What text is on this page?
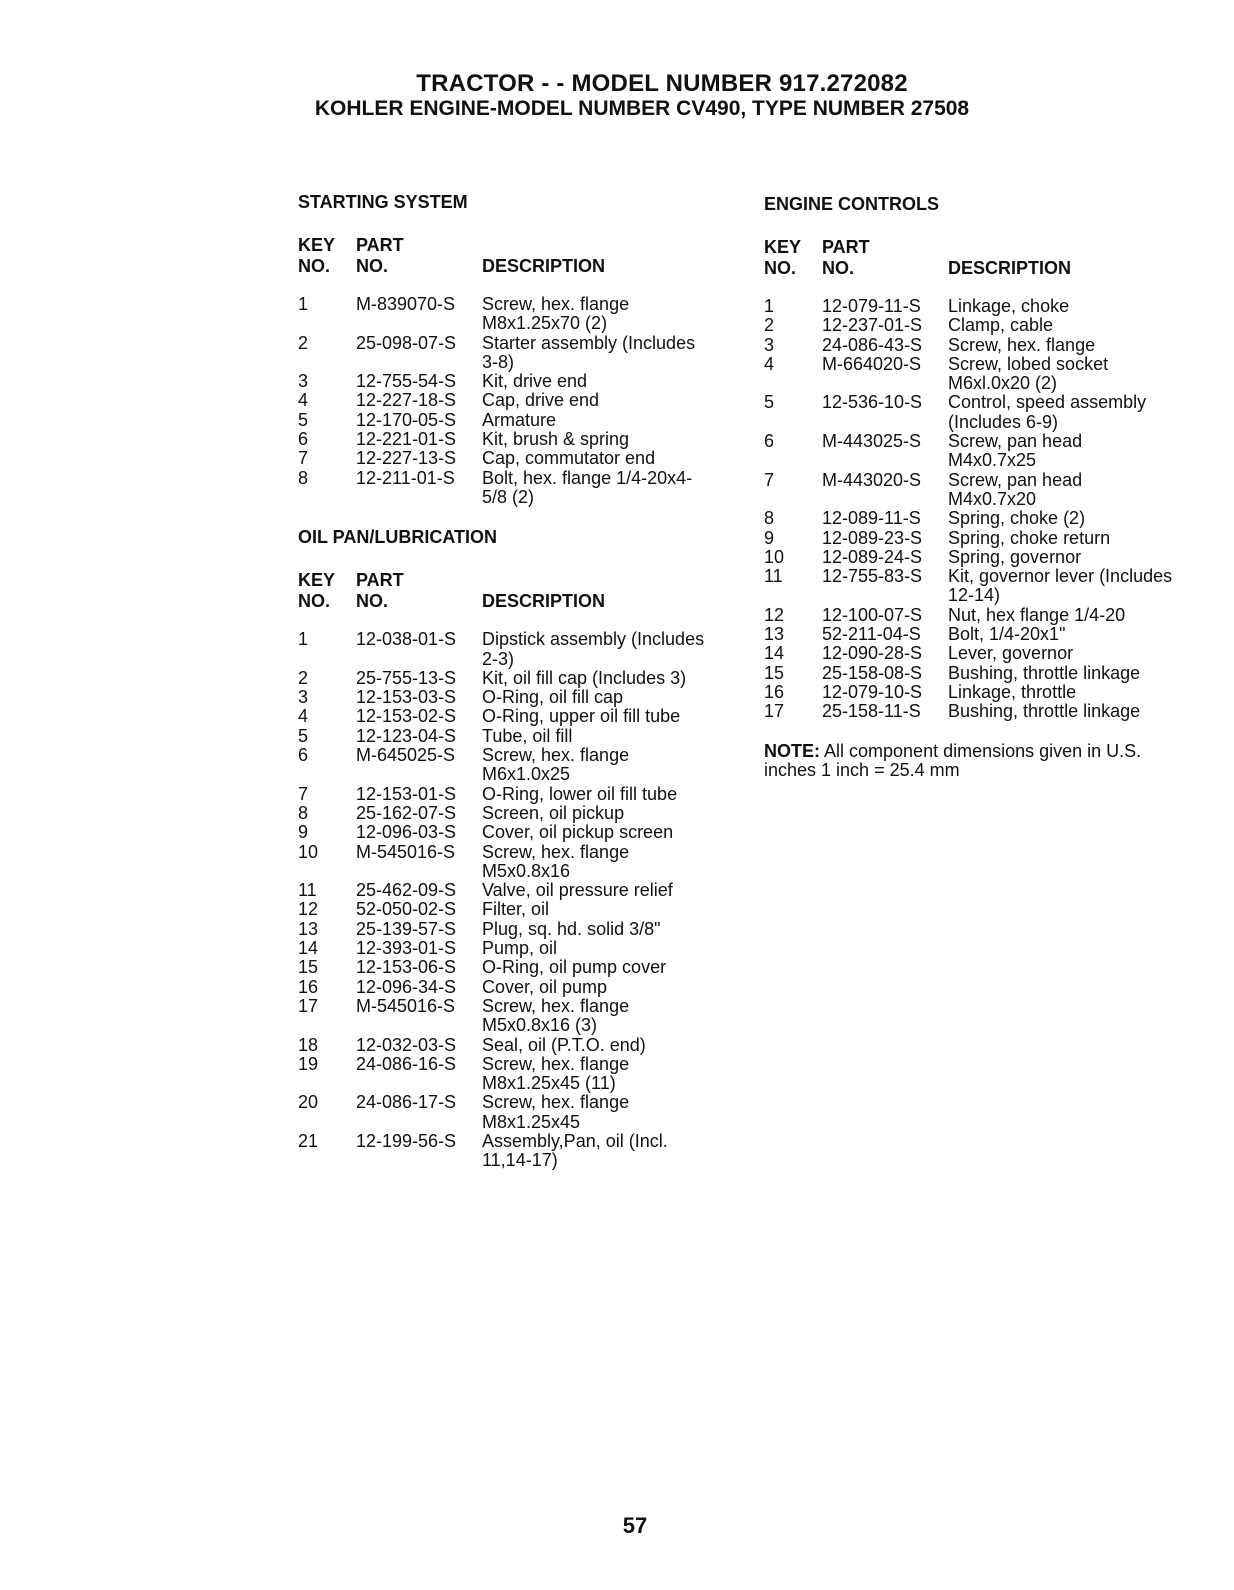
TRACTOR - - MODEL NUMBER 917.272082
KOHLER ENGINE-MODEL NUMBER CV490, TYPE NUMBER 27508
STARTING SYSTEM
KEY
NO.
PART
NO.	DESCRIPTION
1	M-839070-S	Screw, hex. flange
M8x1.25x70 (2)
2	25-098-07-S	Starter assembly (Includes
3-8)
3	12-755-54-S	Kit, drive end
4	12-227-18-S	Cap, drive end
5	12-170-05-S	Armature
6	12-221-01-S	Kit, brush & spring
7	12-227-13-S	Cap, commutator end
8	12-211-01-S	Bolt, hex. flange 1/4-20x4-
5/8 (2)
OIL PAN/LUBRICATION
KEY
NO.
PART
NO.	DESCRIPTION
1	12-038-01-S	Dipstick assembly (Includes
2-3)
2	25-755-13-S	Kit, oil fill cap (Includes 3)
3	12-153-03-S	O-Ring, oil fill cap
4	12-153-02-S	O-Ring, upper oil fill tube
5	12-123-04-S	Tube, oil fill
6	M-645025-S	Screw, hex. flange
M6x1.0x25
7	12-153-01-S	O-Ring, lower oil fill tube
8	25-162-07-S	Screen, oil pickup
9	12-096-03-S	Cover, oil pickup screen
10	M-545016-S	Screw, hex. flange
M5x0.8x16
11	25-462-09-S	Valve, oil pressure relief
12	52-050-02-S	Filter, oil
13	25-139-57-S	Plug, sq. hd. solid 3/8"
14	12-393-01-S	Pump, oil
15	12-153-06-S	O-Ring, oil pump cover
16	12-096-34-S	Cover, oil pump
17	M-545016-S	Screw, hex. flange
M5x0.8x16 (3)
18	12-032-03-S	Seal, oil (P.T.O. end)
19	24-086-16-S	Screw, hex. flange
M8x1.25x45 (11)
20	24-086-17-S	Screw, hex. flange
M8x1.25x45
21	12-199-56-S	Assembly,Pan, oil (Incl.
11,14-17)
ENGINE CONTROLS
KEY
NO.
PART
NO.	DESCRIPTION
1	12-079-11-S	Linkage, choke
2	12-237-01-S	Clamp, cable
3	24-086-43-S	Screw, hex. flange
4	M-664020-S	Screw, lobed socket
M6xl.0x20 (2)
5	12-536-10-S	Control, speed assembly
(Includes 6-9)
6	M-443025-S	Screw, pan head
M4x0.7x25
7	M-443020-S	Screw, pan head
M4x0.7x20
8	12-089-11-S	Spring, choke (2)
9	12-089-23-S	Spring, choke return
10	12-089-24-S	Spring, governor
11	12-755-83-S	Kit, governor lever (Includes
12-14)
12	12-100-07-S	Nut, hex flange 1/4-20
13	52-211-04-S	Bolt, 1/4-20x1"
14	12-090-28-S	Lever, governor
15	25-158-08-S	Bushing, throttle linkage
16	12-079-10-S	Linkage, throttle
17	25-158-11-S	Bushing, throttle linkage
NOTE: All component dimensions given in U.S. inches 1 inch = 25.4 mm
57
